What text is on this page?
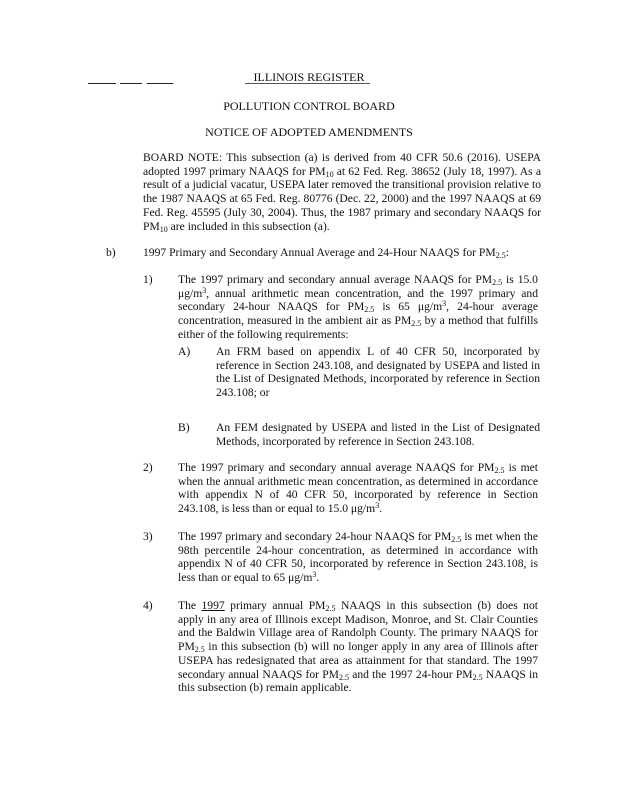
ILLINOIS REGISTER
POLLUTION CONTROL BOARD
NOTICE OF ADOPTED AMENDMENTS
BOARD NOTE: This subsection (a) is derived from 40 CFR 50.6 (2016). USEPA adopted 1997 primary NAAQS for $PM_{10}$ at 62 Fed. Reg. 38652 (July 18, 1997). As a result of a judicial vacatur, USEPA later removed the transitional provision relative to the 1987 NAAQS at 65 Fed. Reg. 80776 (Dec. 22, 2000) and the 1997 NAAQS at 69 Fed. Reg. 45595 (July 30, 2004). Thus, the 1987 primary and secondary NAAQS for $PM_{10}$ are included in this subsection (a).
b) 1997 Primary and Secondary Annual Average and 24-Hour NAAQS for $PM_{2.5}$:
1) The 1997 primary and secondary annual average NAAQS for $PM_{2.5}$ is 15.0 $\mu g/m^3$, annual arithmetic mean concentration, and the 1997 primary and secondary 24-hour NAAQS for $PM_{2.5}$ is 65 $\mu g/m^3$, 24-hour average concentration, measured in the ambient air as $PM_{2.5}$ by a method that fulfills either of the following requirements:
A) An FRM based on appendix L of 40 CFR 50, incorporated by reference in Section 243.108, and designated by USEPA and listed in the List of Designated Methods, incorporated by reference in Section 243.108; or
B) An FEM designated by USEPA and listed in the List of Designated Methods, incorporated by reference in Section 243.108.
2) The 1997 primary and secondary annual average NAAQS for $PM_{2.5}$ is met when the annual arithmetic mean concentration, as determined in accordance with appendix N of 40 CFR 50, incorporated by reference in Section 243.108, is less than or equal to 15.0 $\mu g/m^3$.
3) The 1997 primary and secondary 24-hour NAAQS for $PM_{2.5}$ is met when the 98th percentile 24-hour concentration, as determined in accordance with appendix N of 40 CFR 50, incorporated by reference in Section 243.108, is less than or equal to 65 $\mu g/m^3$.
4) The 1997 primary annual $PM_{2.5}$ NAAQS in this subsection (b) does not apply in any area of Illinois except Madison, Monroe, and St. Clair Counties and the Baldwin Village area of Randolph County. The primary NAAQS for $PM_{2.5}$ in this subsection (b) will no longer apply in any area of Illinois after USEPA has redesignated that area as attainment for that standard. The 1997 secondary annual NAAQS for $PM_{2.5}$ and the 1997 24-hour $PM_{2.5}$ NAAQS in this subsection (b) remain applicable.
